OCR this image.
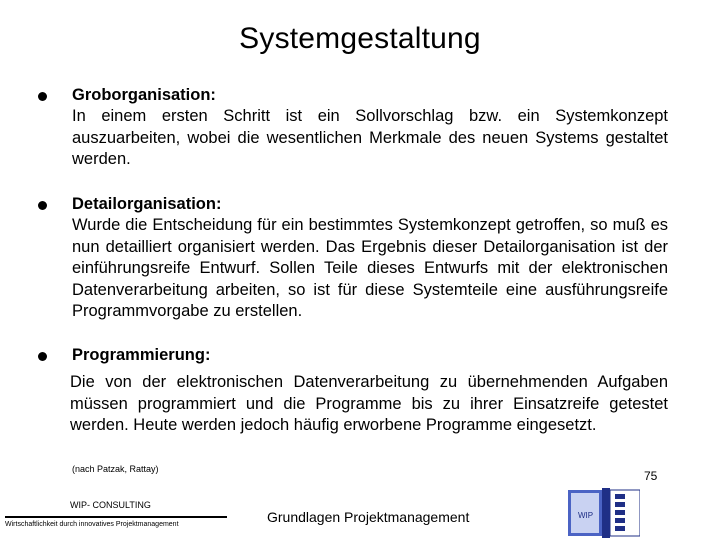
Systemgestaltung
Groborganisation:
In einem ersten Schritt ist ein Sollvorschlag bzw. ein Systemkonzept auszuarbeiten, wobei die wesentlichen Merkmale des neuen Systems gestaltet werden.
Detailorganisation:
Wurde die Entscheidung für ein bestimmtes Systemkonzept getroffen, so muß es nun detailliert organisiert werden. Das Ergebnis dieser Detailorganisation ist der einführungsreife Entwurf. Sollen Teile dieses Entwurfs mit der elektronischen Datenverarbeitung arbeiten, so ist für diese Systemteile eine ausführungsreife Programmvorgabe zu erstellen.
Programmierung:
Die von der elektronischen Datenverarbeitung zu übernehmenden Aufgaben müssen programmiert und die Programme bis zu ihrer Einsatzreife getestet werden. Heute werden jedoch häufig erworbene Programme eingesetzt.
(nach Patzak, Rattay)
WIP- CONSULTING
Wirtschaftlichkeit durch innovatives Projektmanagement	Grundlagen Projektmanagement
75
WIP
